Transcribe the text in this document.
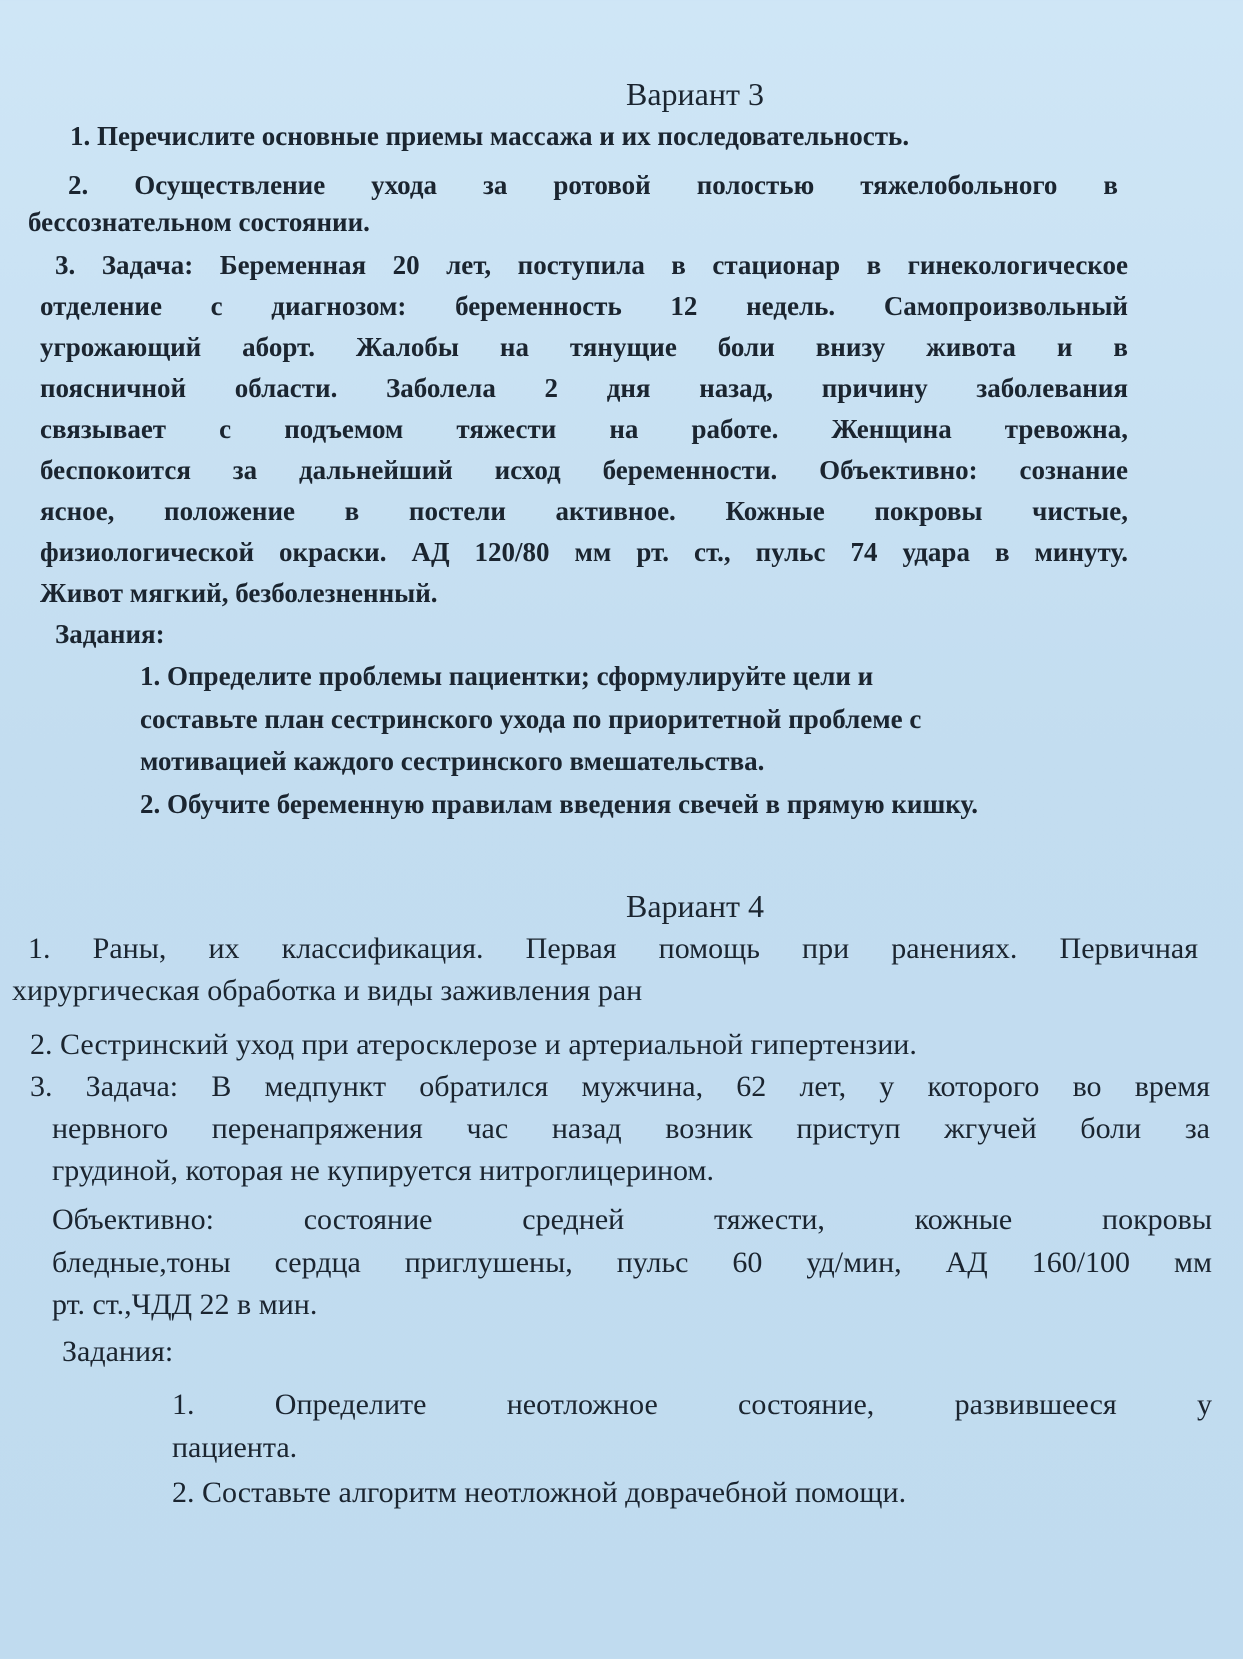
Вариант 3
1. Перечислите основные приемы массажа и их последовательность.
2. Осуществление ухода за ротовой полостью тяжелобольного в
бессознательном состоянии.
3. Задача: Беременная 20 лет, поступила в стационар в гинекологическое
отделение с диагнозом: беременность 12 недель. Самопроизвольный
угрожающий аборт. Жалобы на тянущие боли внизу живота и в
поясничной области. Заболела 2 дня назад, причину заболевания
связывает с подъемом тяжести на работе. Женщина тревожна,
беспокоится за дальнейший исход беременности. Объективно: сознание
ясное, положение в постели активное. Кожные покровы чистые,
физиологической окраски. АД 120/80 мм рт. ст., пульс 74 удара в минуту.
Живот мягкий, безболезненный.
Задания:
1. Определите проблемы пациентки; сформулируйте цели и
составьте план сестринского ухода по приоритетной проблеме с
мотивацией каждого сестринского вмешательства.
2. Обучите беременную правилам введения свечей в прямую кишку.
Вариант 4
1. Раны, их классификация. Первая помощь при ранениях. Первичная
хирургическая обработка и виды заживления ран
2. Сестринский уход при атеросклерозе и артериальной гипертензии.
3. Задача: В медпункт обратился мужчина, 62 лет, у которого во время
нервного перенапряжения час назад возник приступ жгучей боли за
грудиной, которая не купируется нитроглицерином.
Объективно: состояние средней тяжести, кожные покровы
бледные,тоны сердца приглушены, пульс 60 уд/мин, АД 160/100 мм
рт. ст.,ЧДД 22 в мин.
Задания:
1. Определите неотложное состояние, развившееся у
пациента.
2. Составьте алгоритм неотложной доврачебной помощи.
